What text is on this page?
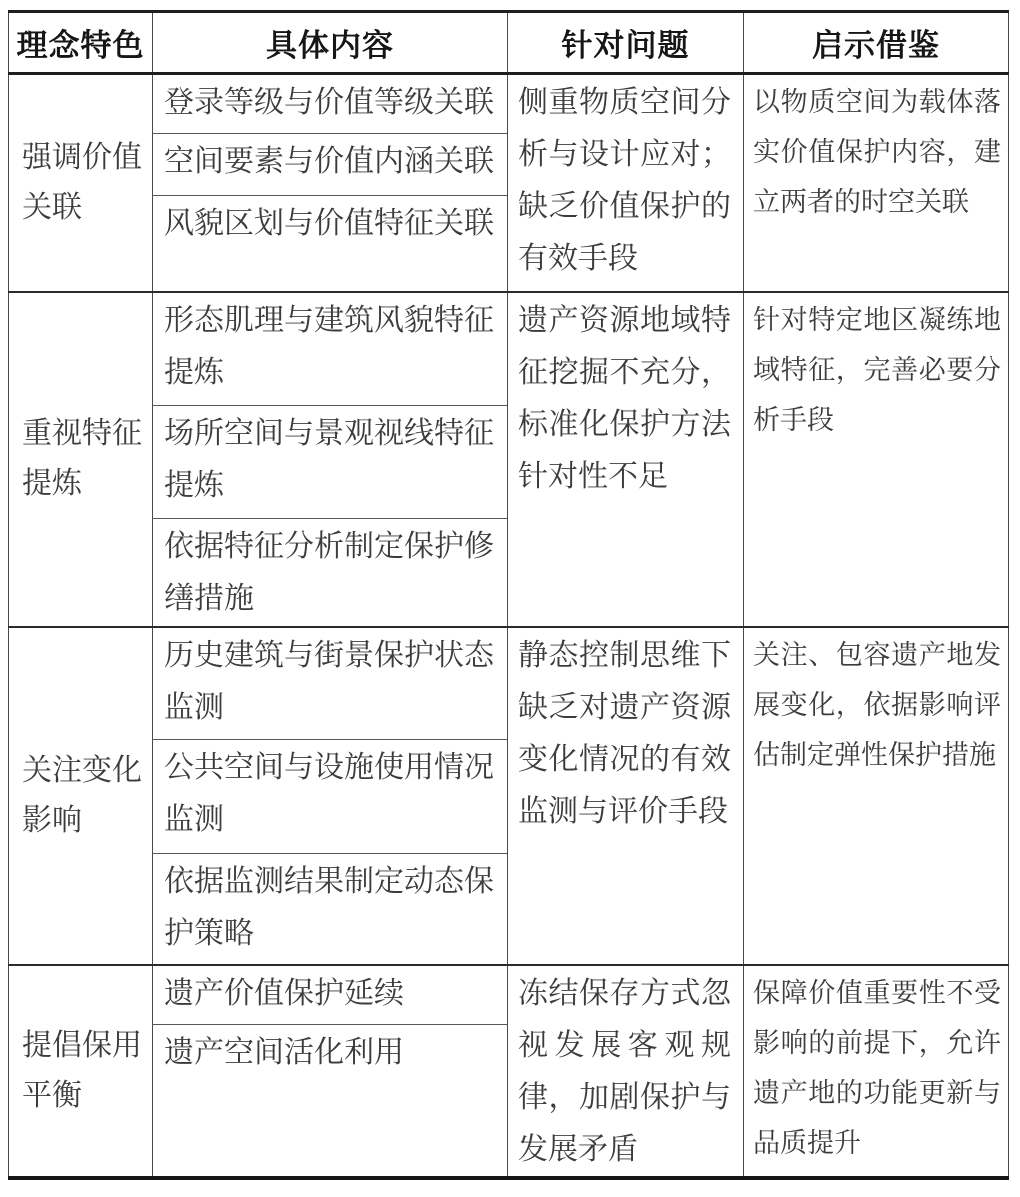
理念特色	具体内容	针对问题	启示借鉴
强调价值关联	登录等级与价值等级关联	侧重物质空间分析与设计应对；缺乏价值保护的有效手段	以物质空间为载体落实价值保护内容，建立两者的时空关联
	空间要素与价值内涵关联		
	风貌区划与价值特征关联		
重视特征提炼	形态肌理与建筑风貌特征提炼	遗产资源地域特征挖掘不充分，标准化保护方法针对性不足	针对特定地区凝练地域特征，完善必要分析手段
	场所空间与景观视线特征提炼		
	依据特征分析制定保护修缮措施		
关注变化影响	历史建筑与街景保护状态监测	静态控制思维下缺乏对遗产资源变化情况的有效监测与评价手段	关注、包容遗产地发展变化，依据影响评估制定弹性保护措施
	公共空间与设施使用情况监测		
	依据监测结果制定动态保护策略		
提倡保用平衡	遗产价值保护延续	冻结保存方式忽视发展客观规律，加剧保护与发展矛盾	保障价值重要性不受影响的前提下，允许遗产地的功能更新与品质提升
	遗产空间活化利用		
